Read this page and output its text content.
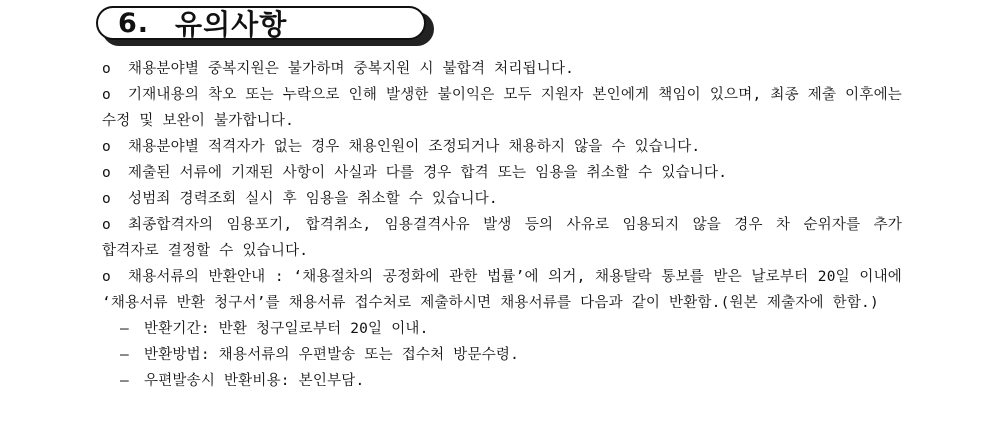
6. 유의사항

ο 채용분야별 중복지원은 불가하며 중복지원 시 불합격 처리됩니다.

ο 기재내용의 착오 또는 누락으로 인해 발생한 불이익은 모두 지원자 본인에게 책임이 있으며, 최종 제출 이후에는 수정 및 보완이 불가합니다.

ο 채용분야별 적격자가 없는 경우 채용인원이 조정되거나 채용하지 않을 수 있습니다.

ο 제출된 서류에 기재된 사항이 사실과 다를 경우 합격 또는 임용을 취소할 수 있습니다.

ο 성범죄 경력조회 실시 후 임용을 취소할 수 있습니다.

ο 최종합격자의 임용포기, 합격취소, 임용결격사유 발생 등의 사유로 임용되지 않을 경우 차 순위자를 추가 합격자로 결정할 수 있습니다.

ο 채용서류의 반환안내 : ‘채용절차의 공정화에 관한 법률’에 의거, 채용탈락 통보를 받은 날로부터 20일 이내에 ‘채용서류 반환 청구서’를 채용서류 접수처로 제출하시면 채용서류를 다음과 같이 반환함.(원본 제출자에 한함.)

– 반환기간: 반환 청구일로부터 20일 이내.

– 반환방법: 채용서류의 우편발송 또는 접수처 방문수령.

– 우편발송시 반환비용: 본인부담.
